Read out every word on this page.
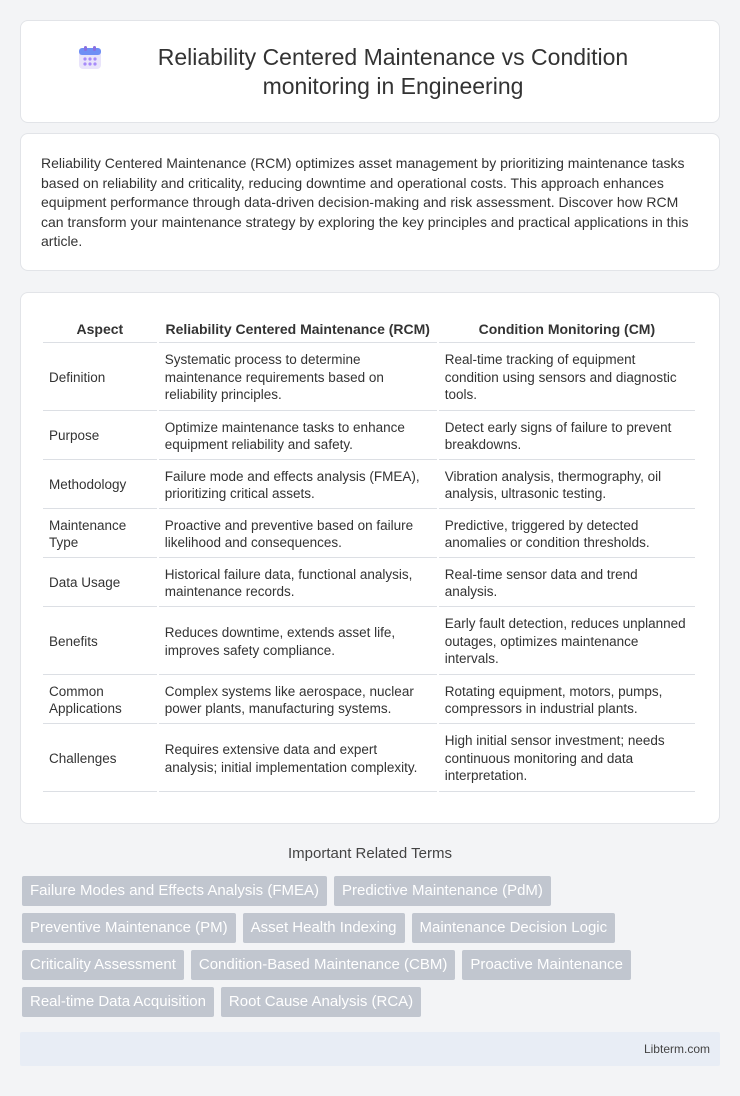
Reliability Centered Maintenance vs Condition monitoring in Engineering

Reliability Centered Maintenance (RCM) optimizes asset management by prioritizing maintenance tasks based on reliability and criticality, reducing downtime and operational costs. This approach enhances equipment performance through data-driven decision-making and risk assessment. Discover how RCM can transform your maintenance strategy by exploring the key principles and practical applications in this article.

Aspect	Reliability Centered Maintenance (RCM)	Condition Monitoring (CM)
Definition	Systematic process to determine maintenance requirements based on reliability principles.	Real-time tracking of equipment condition using sensors and diagnostic tools.
Purpose	Optimize maintenance tasks to enhance equipment reliability and safety.	Detect early signs of failure to prevent breakdowns.
Methodology	Failure mode and effects analysis (FMEA), prioritizing critical assets.	Vibration analysis, thermography, oil analysis, ultrasonic testing.
Maintenance Type	Proactive and preventive based on failure likelihood and consequences.	Predictive, triggered by detected anomalies or condition thresholds.
Data Usage	Historical failure data, functional analysis, maintenance records.	Real-time sensor data and trend analysis.
Benefits	Reduces downtime, extends asset life, improves safety compliance.	Early fault detection, reduces unplanned outages, optimizes maintenance intervals.
Common Applications	Complex systems like aerospace, nuclear power plants, manufacturing systems.	Rotating equipment, motors, pumps, compressors in industrial plants.
Challenges	Requires extensive data and expert analysis; initial implementation complexity.	High initial sensor investment; needs continuous monitoring and data interpretation.
Important Related Terms
Failure Modes and Effects Analysis (FMEA)	Predictive Maintenance (PdM)
Preventive Maintenance (PM)	Asset Health Indexing	Maintenance Decision Logic
Criticality Assessment	Condition-Based Maintenance (CBM)	Proactive Maintenance
Real-time Data Acquisition	Root Cause Analysis (RCA)
Libterm.com
